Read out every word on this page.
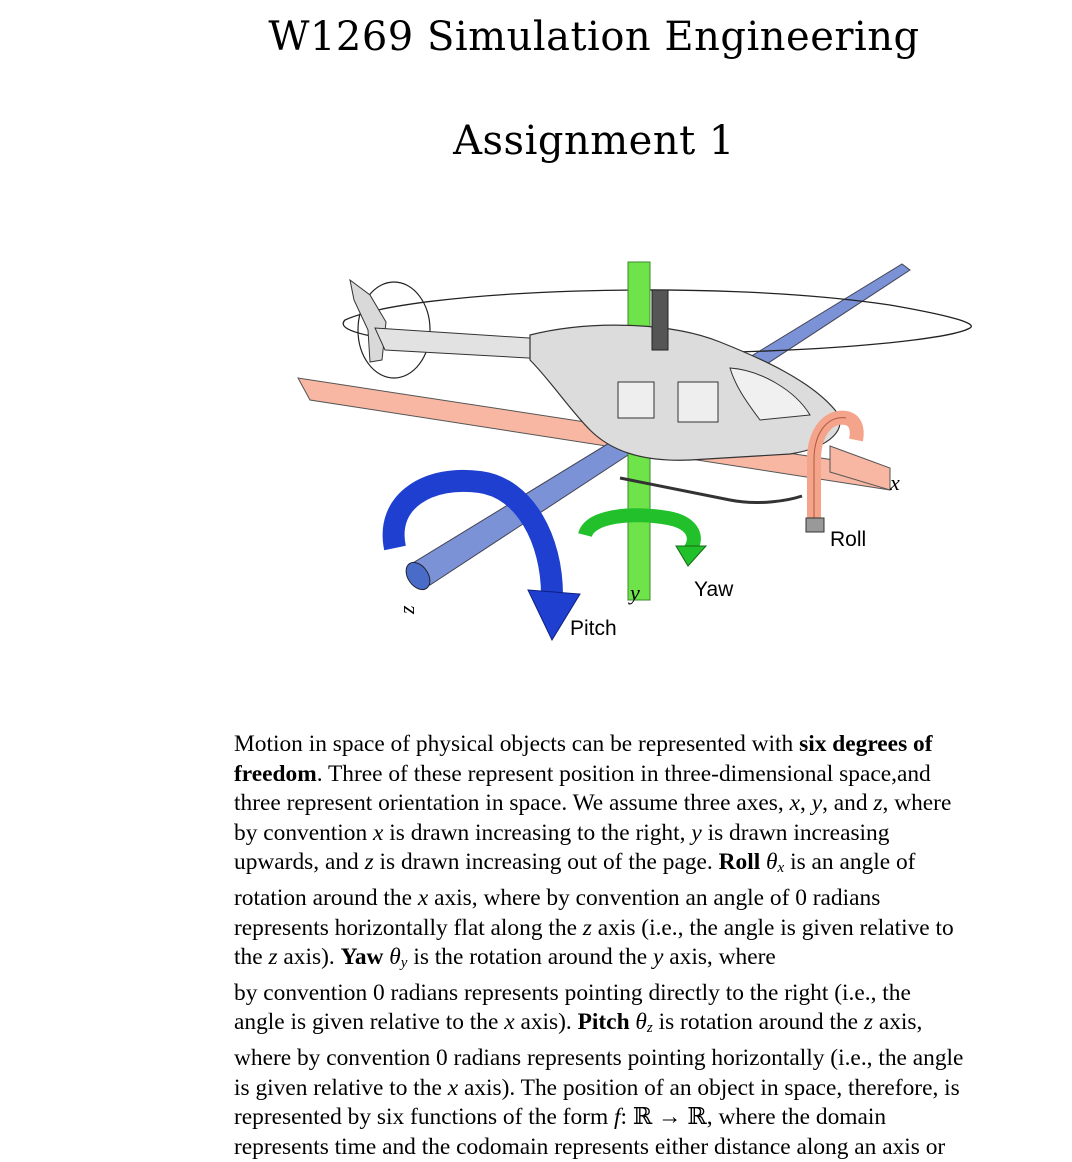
W1269 Simulation Engineering
Assignment 1
Roll
Yaw
Pitch
x
y
z

Motion in space of physical objects can be represented with six degrees of
freedom. Three of these represent position in three-dimensional space,and
three represent orientation in space. We assume three axes, x, y, and z, where
by convention x is drawn increasing to the right, y is drawn increasing
upwards, and z is drawn increasing out of the page. Roll $\theta_x$ is an angle of
rotation around the x axis, where by convention an angle of 0 radians
represents horizontally flat along the z axis (i.e., the angle is given relative to
the z axis). Yaw $\theta_y$ is the rotation around the y axis, where
by convention 0 radians represents pointing directly to the right (i.e., the
angle is given relative to the x axis). Pitch $\theta_z$ is rotation around the z axis,
where by convention 0 radians represents pointing horizontally (i.e., the angle
is given relative to the x axis). The position of an object in space, therefore, is
represented by six functions of the form f: ℝ → ℝ, where the domain
represents time and the codomain represents either distance along an axis or
